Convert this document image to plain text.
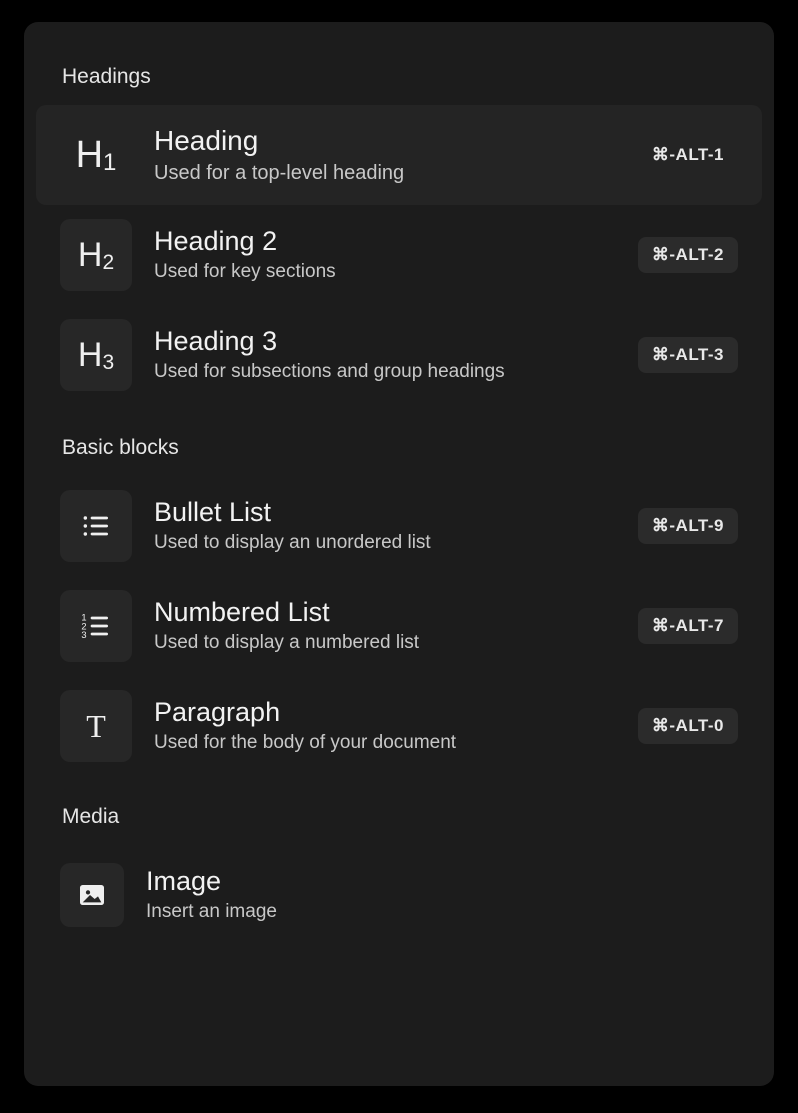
Headings
$H_1$
Heading
Used for a top-level heading
⌘-ALT-1
$H_2$
Heading 2
Used for key sections
⌘-ALT-2
$H_3$
Heading 3
Used for subsections and group headings
⌘-ALT-3
Basic blocks
Bullet List
Used to display an unordered list
⌘-ALT-9
1
2
3
Numbered List
Used to display a numbered list
⌘-ALT-7
T Paragraph
Used for the body of your document
⌘-ALT-0
Media
Image
Insert an image
